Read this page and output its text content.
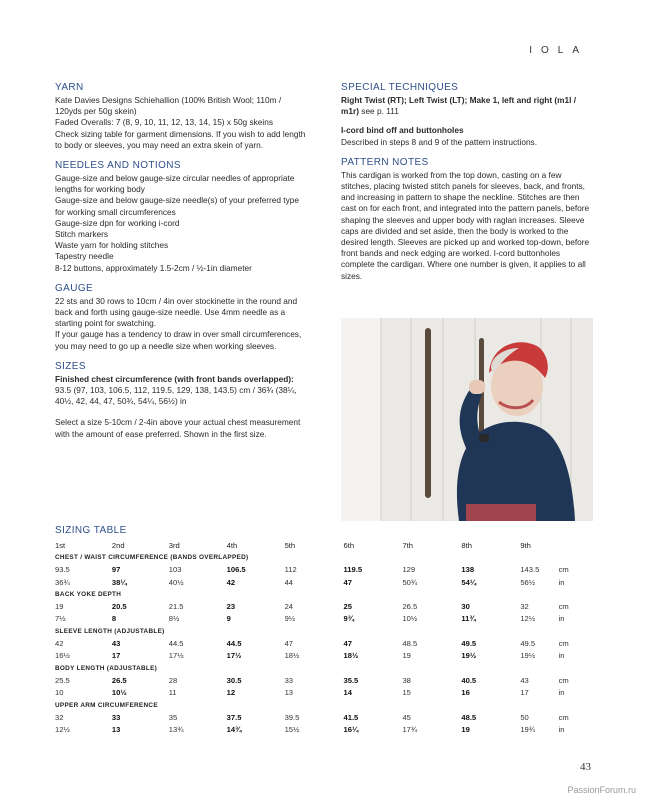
IOLA
YARN

Kate Davies Designs Schiehallion (100% British Wool; 110m / 120yds per 50g skein)
Faded Overalls: 7 (8, 9, 10, 11, 12, 13, 14, 15) x 50g skeins
Check sizing table for garment dimensions. If you wish to add length to body or sleeves, you may need an extra skein of yarn.

NEEDLES AND NOTIONS

Gauge-size and below gauge-size circular needles of appropriate lengths for working body
Gauge-size and below gauge-size needle(s) of your preferred type for working small circumferences
Gauge-size dpn for working i-cord
Stitch markers
Waste yarn for holding stitches
Tapestry needle
8-12 buttons, approximately 1.5-2cm / ½-1in diameter

GAUGE

22 sts and 30 rows to 10cm / 4in over stockinette in the round and back and forth using gauge-size needle. Use 4mm needle as a starting point for swatching.
If your gauge has a tendency to draw in over small circumferences, you may need to go up a needle size when working sleeves.

SIZES

Finished chest circumference (with front bands overlapped): 93.5 (97, 103, 106.5, 112, 119.5, 129, 138, 143.5) cm / 36¾ (38¼, 40½, 42, 44, 47, 50¾, 54¼, 56½) in

Select a size 5-10cm / 2-4in above your actual chest measurement with the amount of ease preferred. Shown in the first size.

SPECIAL TECHNIQUES

Right Twist (RT); Left Twist (LT); Make 1, left and right (m1l / m1r) see p. 111

I-cord bind off and buttonholes

Described in steps 8 and 9 of the pattern instructions.

PATTERN NOTES

This cardigan is worked from the top down, casting on a few stitches, placing twisted stitch panels for sleeves, back, and fronts, and increasing in pattern to shape the neckline. Stitches are then cast on for each front, and integrated into the pattern panels, before shaping the sleeves and upper body with raglan increases. Sleeve caps are divided and set aside, then the body is worked to the desired length. Sleeves are picked up and worked top-down, before front bands and neck edging are worked. I-cord buttonholes complete the cardigan. Where one number is given, it applies to all sizes.

SIZING TABLE
1st	2nd	3rd	4th	5th	6th	7th	8th	9th	
CHEST / WAIST CIRCUMFERENCE (BANDS OVERLAPPED)									
93.5	97	103	106.5	112	119.5	129	138	143.5	cm
36¾	38¼	40½	42	44	47	50¾	54¼	56½	in
BACK YOKE DEPTH									
19	20.5	21.5	23	24	25	26.5	30	32	cm
7½	8	8½	9	9½	9¾	10½	11¾	12½	in
SLEEVE LENGTH (ADJUSTABLE)									
42	43	44.5	44.5	47	47	48.5	49.5	49.5	cm
16½	17	17½	17½	18½	18½	19	19½	19½	in
BODY LENGTH (ADJUSTABLE)									
25.5	26.5	28	30.5	33	35.5	38	40.5	43	cm
10	10½	11	12	13	14	15	16	17	in
UPPER ARM CIRCUMFERENCE									
32	33	35	37.5	39.5	41.5	45	48.5	50	cm
12½	13	13¾	14¾	15½	16¼	17¾	19	19¾	in
43
PassionForum.ru
